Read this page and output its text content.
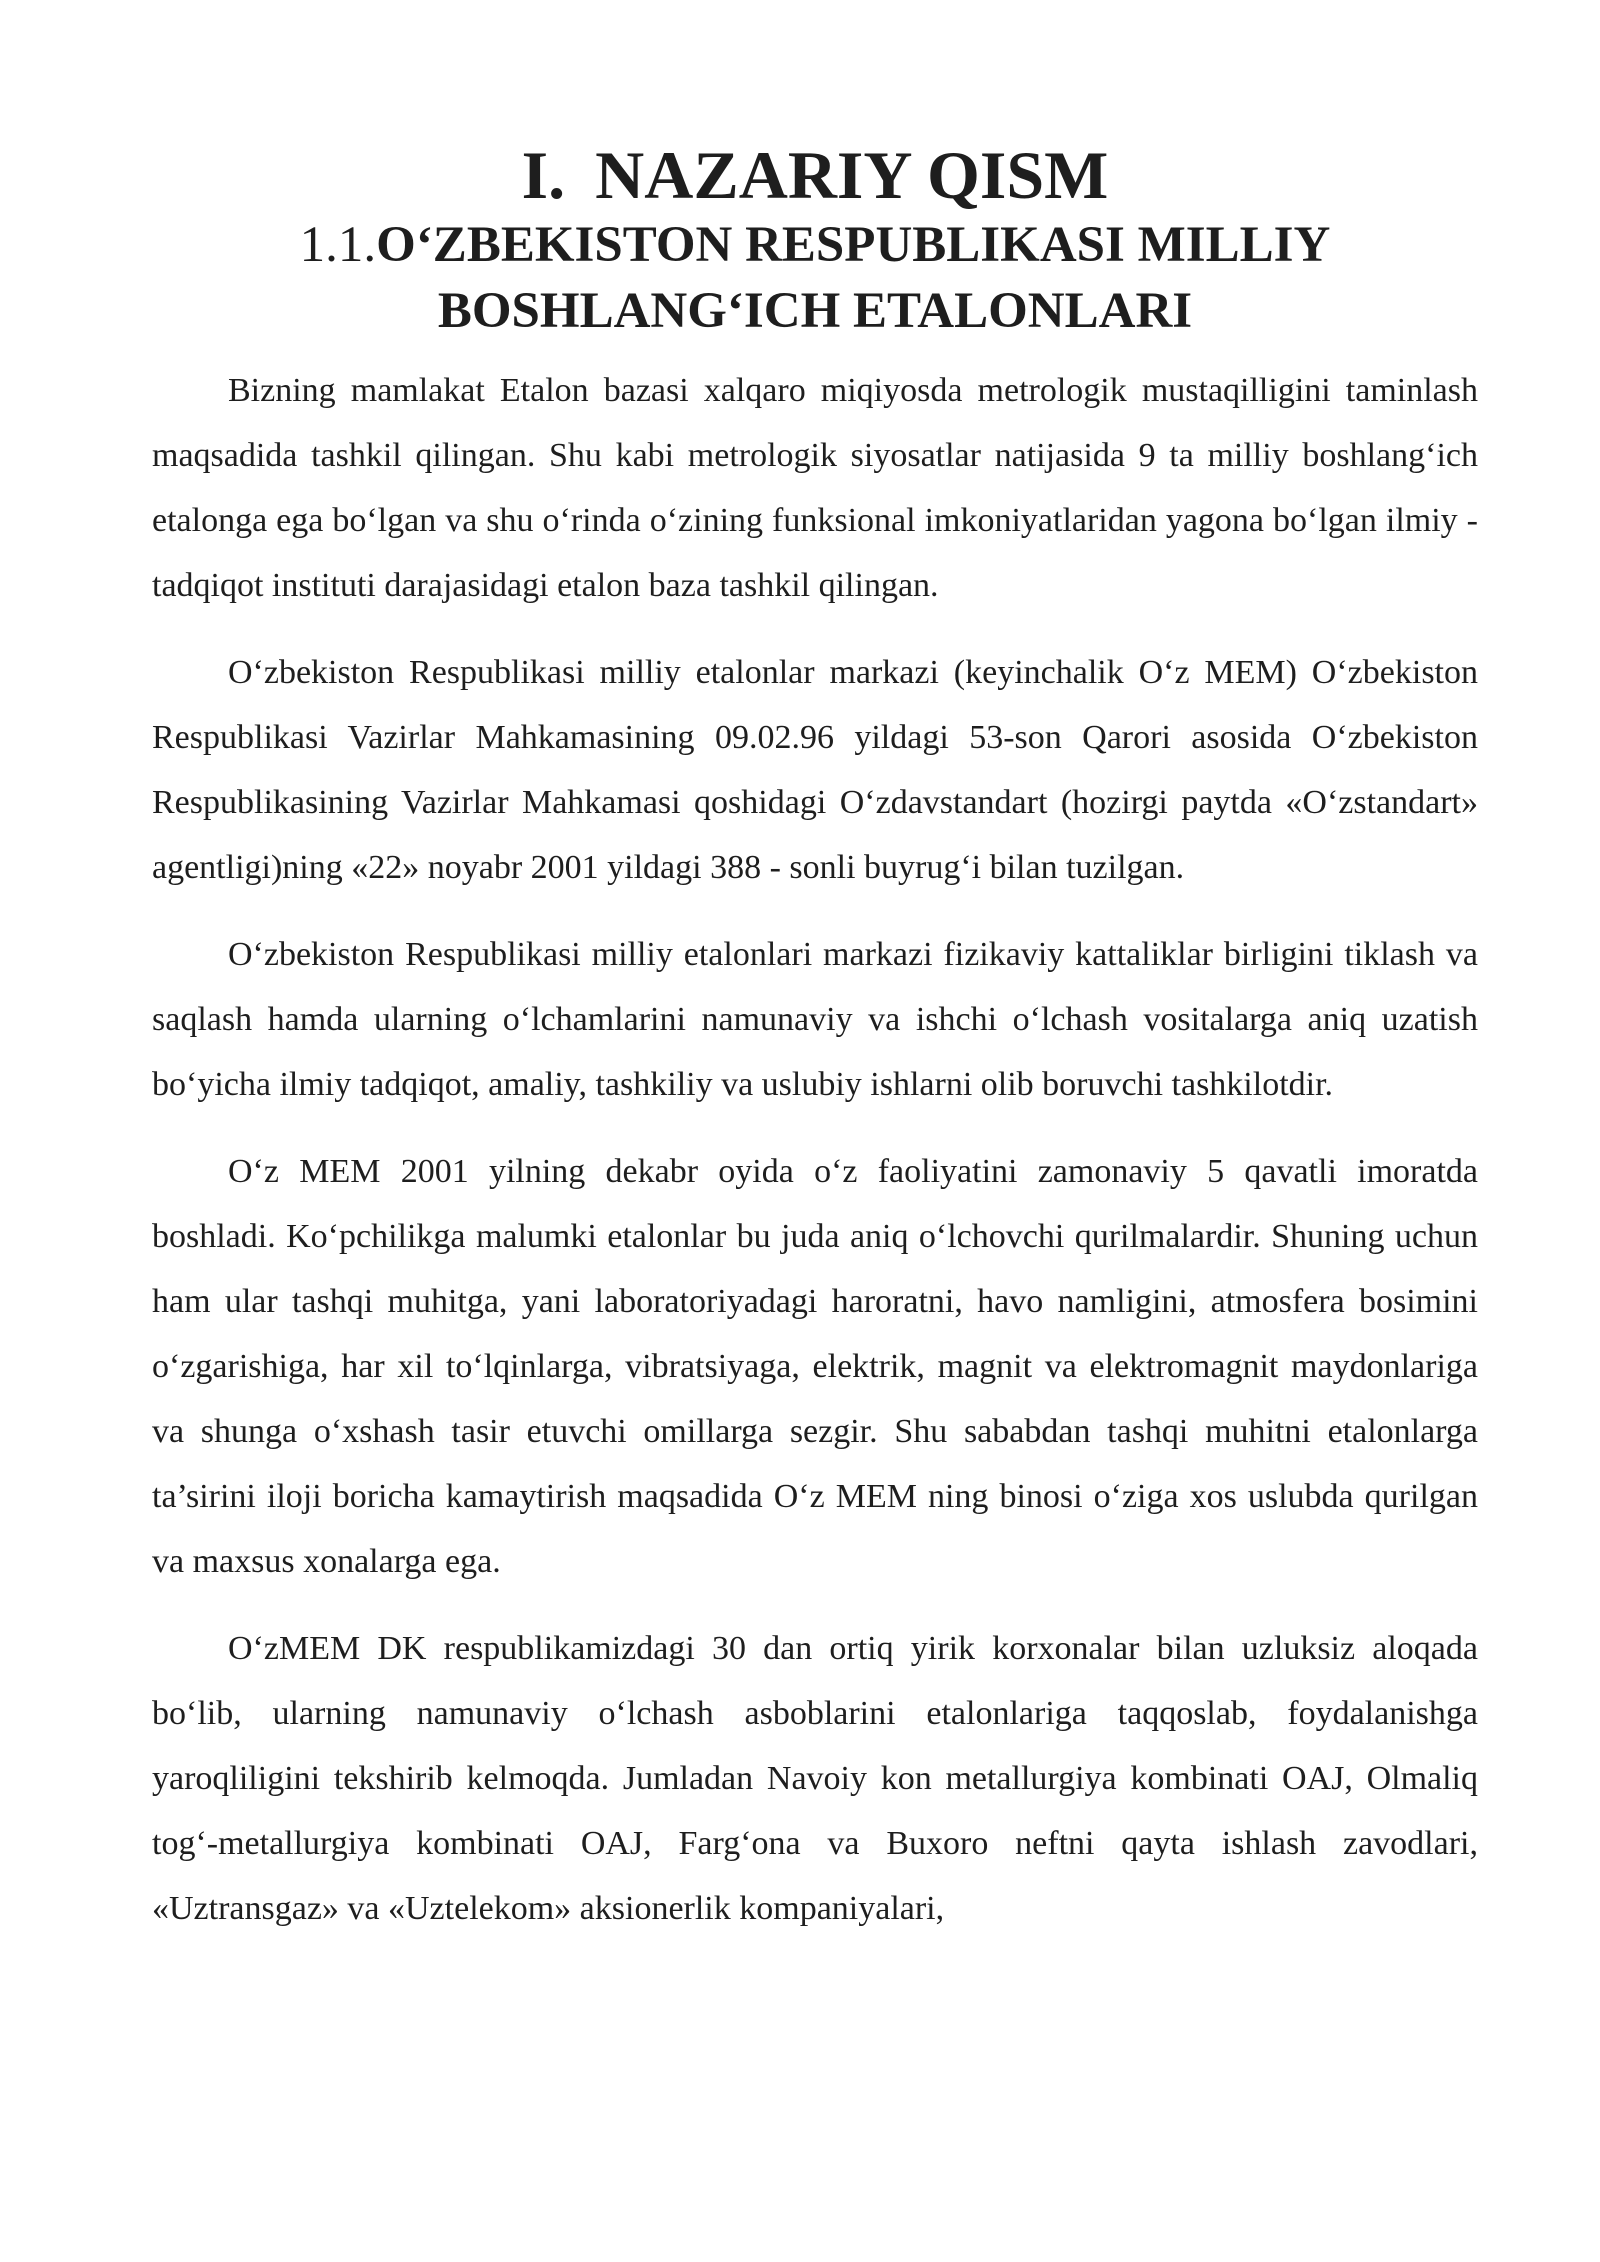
I. NAZARIY QISM
1.1.O‘ZBEKISTON RESPUBLIKASI MILLIY BOSHLANG‘ICH ETALONLARI

Bizning mamlakat Etalon bazasi xalqaro miqiyosda metrologik mustaqilligini taminlash maqsadida tashkil qilingan. Shu kabi metrologik siyosatlar natijasida 9 ta milliy boshlang‘ich etalonga ega bo‘lgan va shu o‘rinda o‘zining funksional imkoniyatlaridan yagona bo‘lgan ilmiy - tadqiqot instituti darajasidagi etalon baza tashkil qilingan.

O‘zbekiston Respublikasi milliy etalonlar markazi (keyinchalik O‘z MEM) O‘zbekiston Respublikasi Vazirlar Mahkamasining 09.02.96 yildagi 53-son Qarori asosida O‘zbekiston Respublikasining Vazirlar Mahkamasi qoshidagi O‘zdavstandart (hozirgi paytda «O‘zstandart» agentligi)ning «22» noyabr 2001 yildagi 388 - sonli buyrug‘i bilan tuzilgan.

O‘zbekiston Respublikasi milliy etalonlari markazi fizikaviy kattaliklar birligini tiklash va saqlash hamda ularning o‘lchamlarini namunaviy va ishchi o‘lchash vositalarga aniq uzatish bo‘yicha ilmiy tadqiqot, amaliy, tashkiliy va uslubiy ishlarni olib boruvchi tashkilotdir.

O‘z MEM 2001 yilning dekabr oyida o‘z faoliyatini zamonaviy 5 qavatli imoratda boshladi. Ko‘pchilikga malumki etalonlar bu juda aniq o‘lchovchi qurilmalardir. Shuning uchun ham ular tashqi muhitga, yani laboratoriyadagi haroratni, havo namligini, atmosfera bosimini o‘zgarishiga, har xil to‘lqinlarga, vibratsiyaga, elektrik, magnit va elektromagnit maydonlariga va shunga o‘xshash tasir etuvchi omillarga sezgir. Shu sababdan tashqi muhitni etalonlarga ta’sirini iloji boricha kamaytirish maqsadida O‘z MEM ning binosi o‘ziga xos uslubda qurilgan va maxsus xonalarga ega.

O‘zMEM DK respublikamizdagi 30 dan ortiq yirik korxonalar bilan uzluksiz aloqada bo‘lib, ularning namunaviy o‘lchash asboblarini etalonlariga taqqoslab, foydalanishga yaroqliligini tekshirib kelmoqda. Jumladan Navoiy kon metallurgiya kombinati OAJ, Olmaliq tog‘-metallurgiya kombinati OAJ, Farg‘ona va Buxoro neftni qayta ishlash zavodlari, «Uztransgaz» va «Uztelekom» aksionerlik kompaniyalari,
